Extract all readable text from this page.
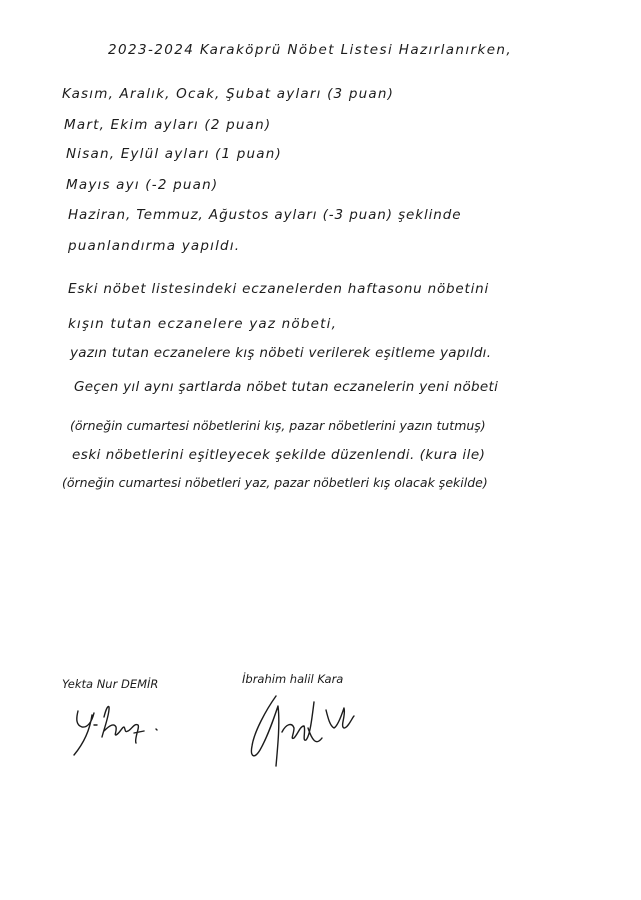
2023-2024 Karaköprü Nöbet Listesi Hazırlanırken,
Kasım, Aralık, Ocak, Şubat ayları (3 puan)
Mart, Ekim ayları (2 puan)
Nisan, Eylül ayları (1 puan)
Mayıs ayı (-2 puan)
Haziran, Temmuz, Ağustos ayları (-3 puan) şeklinde
puanlandırma yapıldı.
Eski nöbet listesindeki eczanelerden haftasonu nöbetini
kışın tutan eczanelere yaz nöbeti,
yazın tutan eczanelere kış nöbeti verilerek eşitleme yapıldı.
Geçen yıl aynı şartlarda nöbet tutan eczanelerin yeni nöbeti
(örneğin cumartesi nöbetlerini kış, pazar nöbetlerini yazın tutmuş)
eski nöbetlerini eşitleyecek şekilde düzenlendi. (kura ile)
(örneğin cumartesi nöbetleri yaz, pazar nöbetleri kış olacak şekilde)
Yekta Nur DEMİR	İbrahim halil Kara
